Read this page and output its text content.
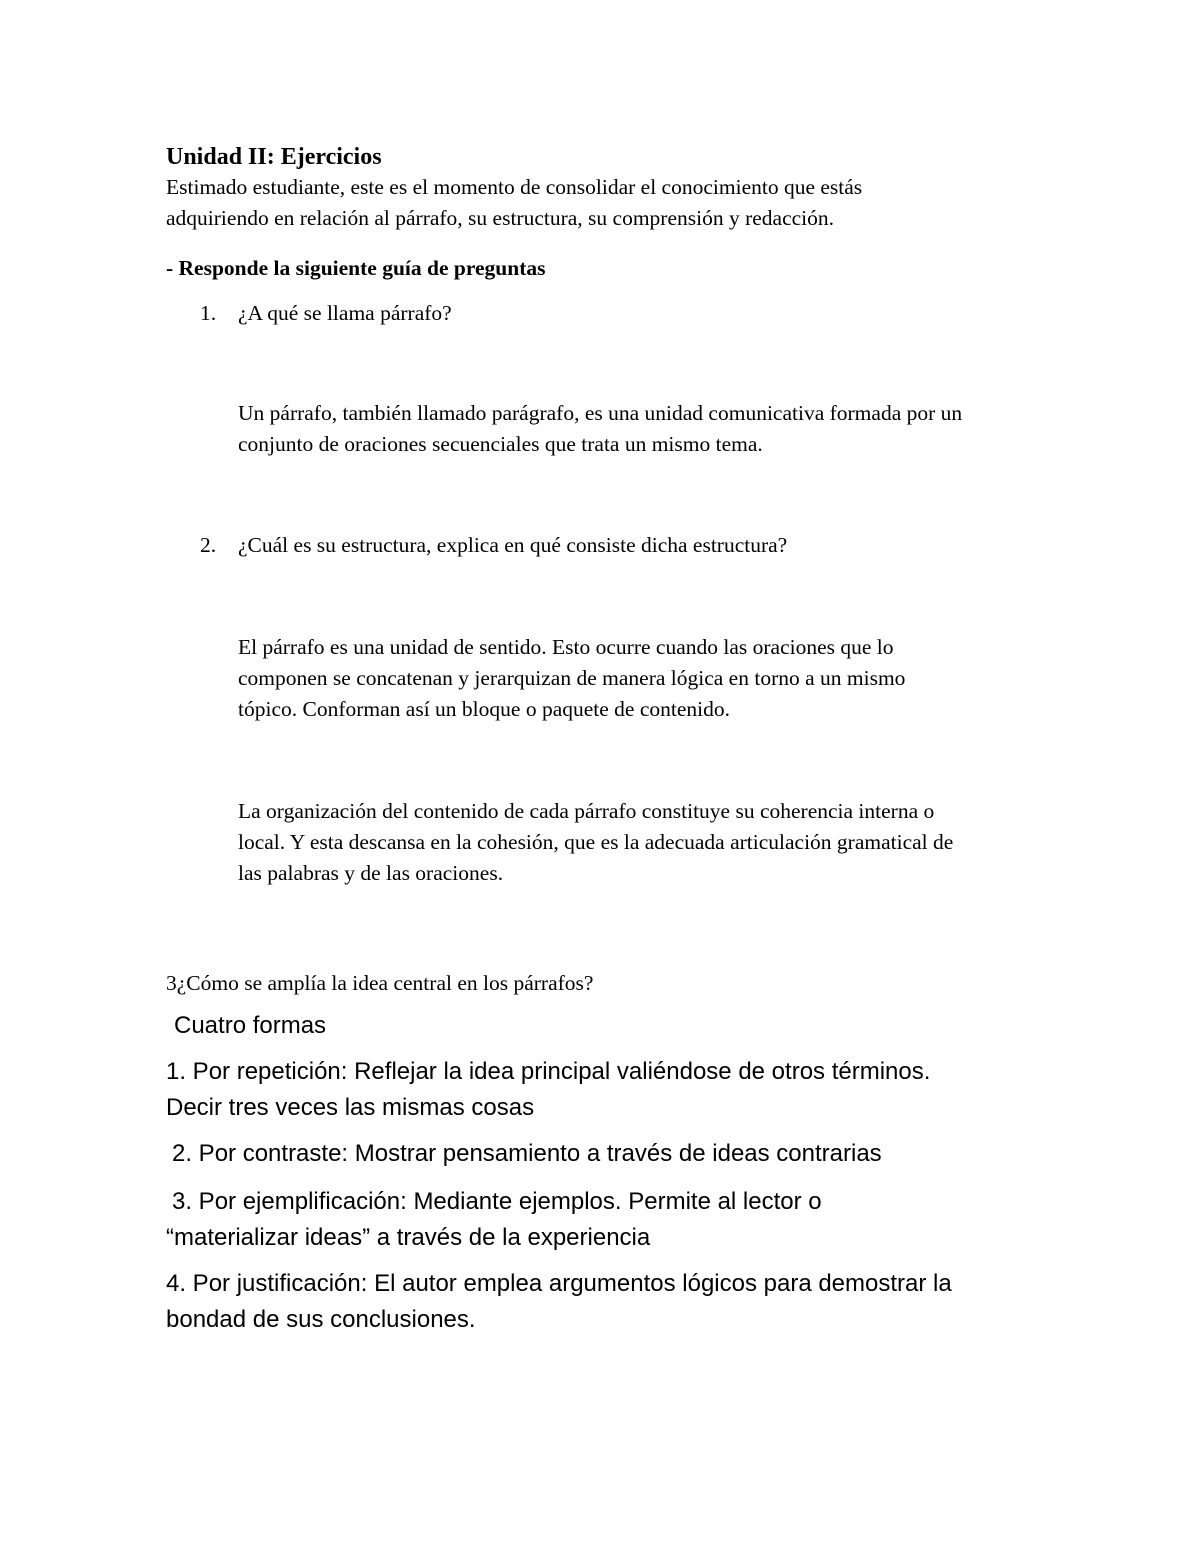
Unidad II: Ejercicios
Estimado estudiante, este es el momento de consolidar el conocimiento que estás
adquiriendo en relación al párrafo, su estructura, su comprensión y redacción.
- Responde la siguiente guía de preguntas
1. ¿A qué se llama párrafo?
Un párrafo, también llamado parágrafo, es una unidad comunicativa formada por un
conjunto de oraciones secuenciales que trata un mismo tema.
2. ¿Cuál es su estructura, explica en qué consiste dicha estructura?
El párrafo es una unidad de sentido. Esto ocurre cuando las oraciones que lo
componen se concatenan y jerarquizan de manera lógica en torno a un mismo
tópico. Conforman así un bloque o paquete de contenido.
La organización del contenido de cada párrafo constituye su coherencia interna o
local. Y esta descansa en la cohesión, que es la adecuada articulación gramatical de
las palabras y de las oraciones.
3¿Cómo se amplía la idea central en los párrafos?
Cuatro formas
1. Por repetición: Reflejar la idea principal valiéndose de otros términos.
Decir tres veces las mismas cosas
2. Por contraste: Mostrar pensamiento a través de ideas contrarias
3. Por ejemplificación: Mediante ejemplos. Permite al lector o
“materializar ideas” a través de la experiencia
4. Por justificación: El autor emplea argumentos lógicos para demostrar la
bondad de sus conclusiones.
